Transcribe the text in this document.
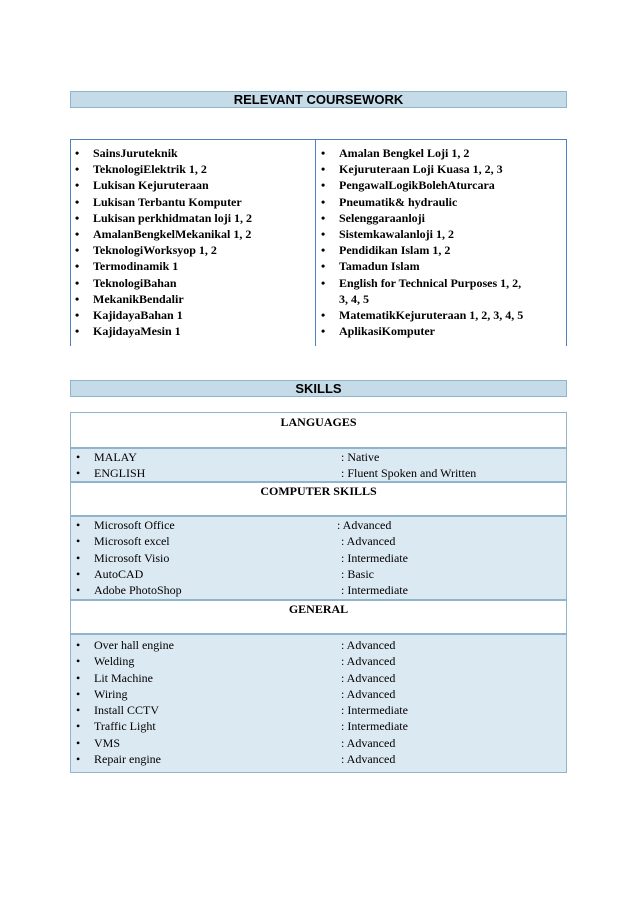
RELEVANT COURSEWORK
• SainsJuruteknik
• TeknologiElektrik 1, 2
• Lukisan Kejuruteraan
• Lukisan Terbantu Komputer
• Lukisan perkhidmatan loji 1, 2
• AmalanBengkelMekanikal 1, 2
• TeknologiWorksyop 1, 2
• Termodinamik 1
• TeknologiBahan
• MekanikBendalir
• KajidayaBahan 1
• KajidayaMesin 1
• Amalan Bengkel Loji 1, 2
• Kejuruteraan Loji Kuasa 1, 2, 3
• PengawalLogikBolehAturcara
• Pneumatik& hydraulic
• Selenggaraanloji
• Sistemkawalanloji 1, 2
• Pendidikan Islam 1, 2
• Tamadun Islam
• English for Technical Purposes 1, 2,
3, 4, 5
• MatematikKejuruteraan 1, 2, 3, 4, 5
• AplikasiKomputer
SKILLS
LANGUAGES
• MALAY	: Native
• ENGLISH	: Fluent Spoken and Written
COMPUTER SKILLS
• Microsoft Office	: Advanced
• Microsoft excel	: Advanced
• Microsoft Visio	: Intermediate
• AutoCAD	: Basic
• Adobe PhotoShop	: Intermediate
GENERAL
• Over hall engine	: Advanced
• Welding	: Advanced
• Lit Machine	: Advanced
• Wiring	: Advanced
• Install CCTV	: Intermediate
• Traffic Light	: Intermediate
• VMS	: Advanced
• Repair engine	: Advanced
